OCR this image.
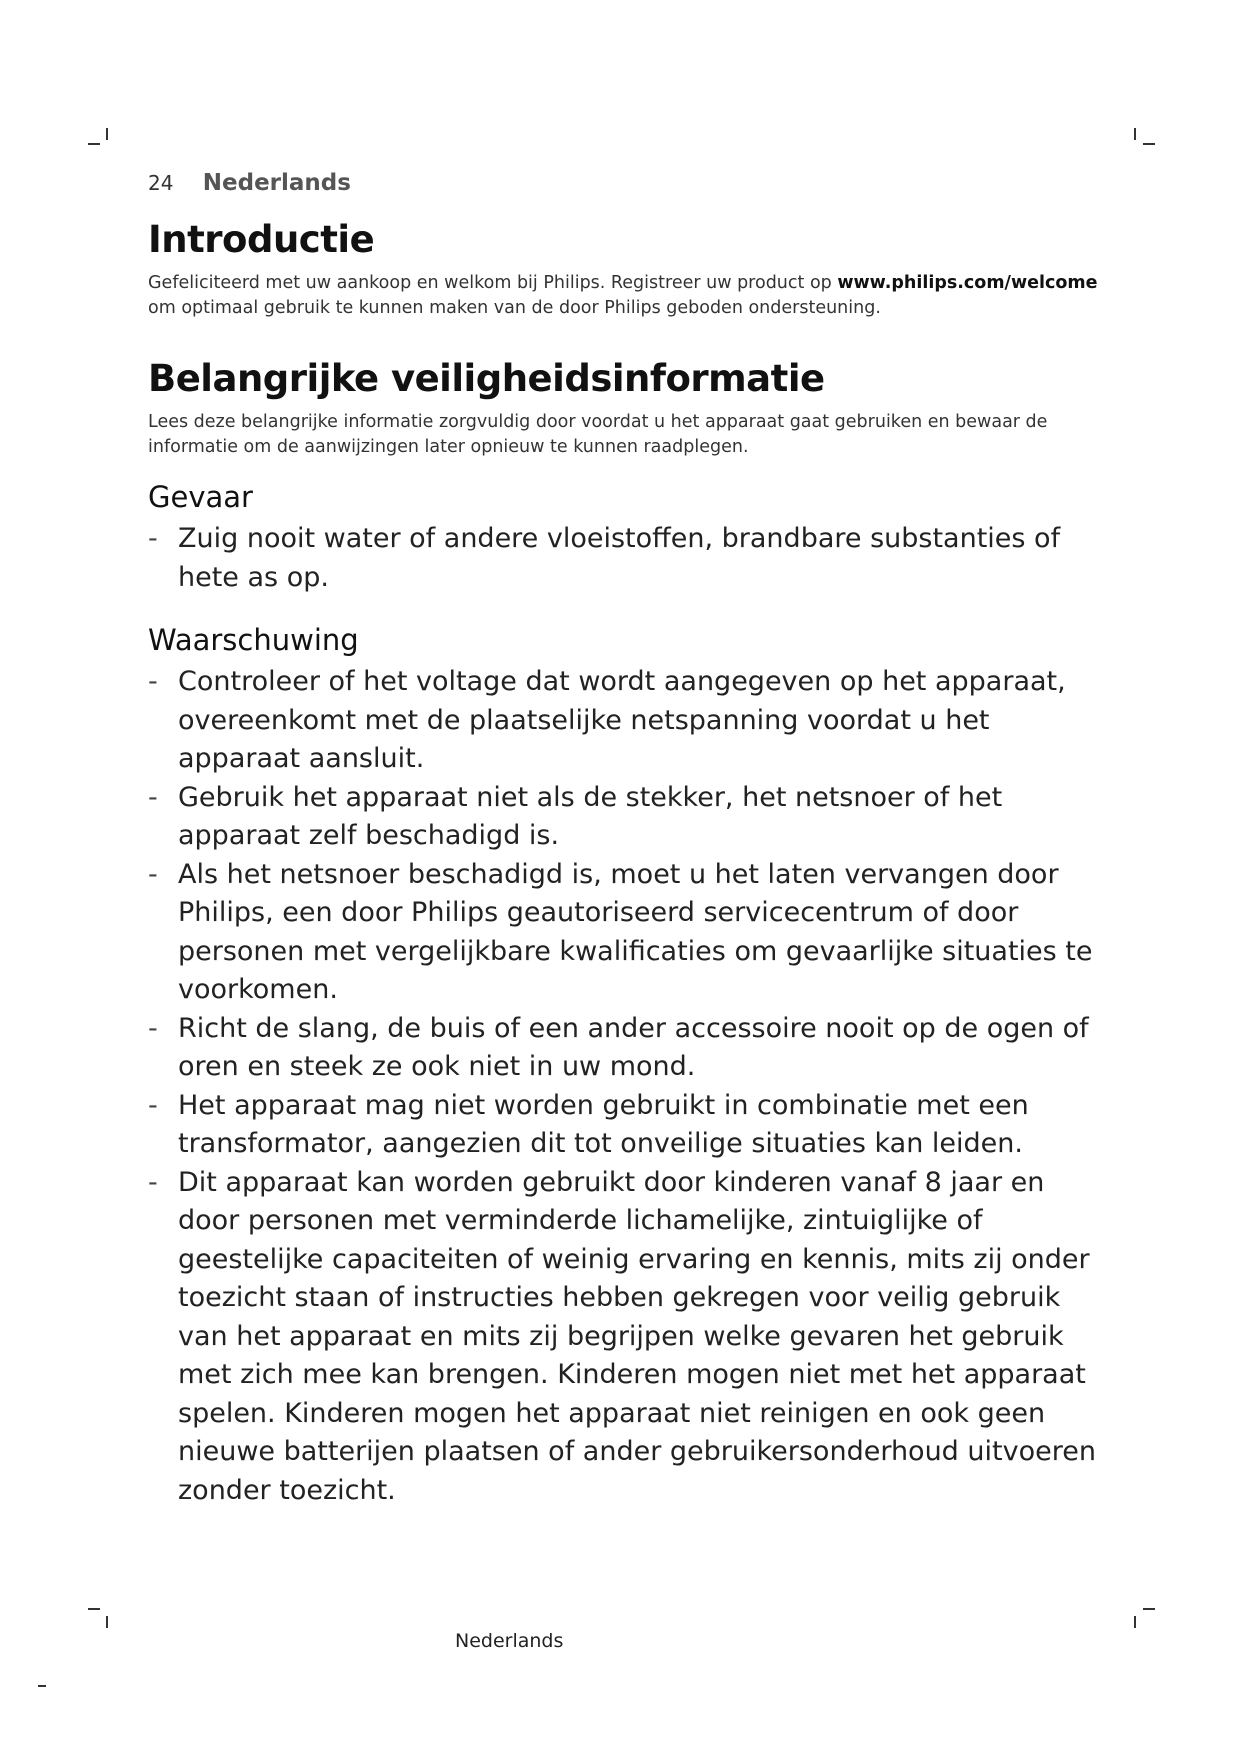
24 Nederlands
Introductie

Gefeliciteerd met uw aankoop en welkom bij Philips. Registreer uw product op www.philips.com/welcome om optimaal gebruik te kunnen maken van de door Philips geboden ondersteuning.

Belangrijke veiligheidsinformatie

Lees deze belangrijke informatie zorgvuldig door voordat u het apparaat gaat gebruiken en bewaar de informatie om de aanwijzingen later opnieuw te kunnen raadplegen.

Gevaar
- Zuig nooit water of andere vloeistoffen, brandbare substanties of hete as op.
Waarschuwing
- Controleer of het voltage dat wordt aangegeven op het apparaat, overeenkomt met de plaatselijke netspanning voordat u het apparaat aansluit.
- Gebruik het apparaat niet als de stekker, het netsnoer of het apparaat zelf beschadigd is.
- Als het netsnoer beschadigd is, moet u het laten vervangen door Philips, een door Philips geautoriseerd servicecentrum of door personen met vergelijkbare kwalificaties om gevaarlijke situaties te voorkomen.
- Richt de slang, de buis of een ander accessoire nooit op de ogen of oren en steek ze ook niet in uw mond.
- Het apparaat mag niet worden gebruikt in combinatie met een transformator, aangezien dit tot onveilige situaties kan leiden.
- Dit apparaat kan worden gebruikt door kinderen vanaf 8 jaar en door personen met verminderde lichamelijke, zintuiglijke of geestelijke capaciteiten of weinig ervaring en kennis, mits zij onder toezicht staan of instructies hebben gekregen voor veilig gebruik van het apparaat en mits zij begrijpen welke gevaren het gebruik met zich mee kan brengen. Kinderen mogen niet met het apparaat spelen. Kinderen mogen het apparaat niet reinigen en ook geen nieuwe batterijen plaatsen of ander gebruikersonderhoud uitvoeren zonder toezicht.
Nederlands
